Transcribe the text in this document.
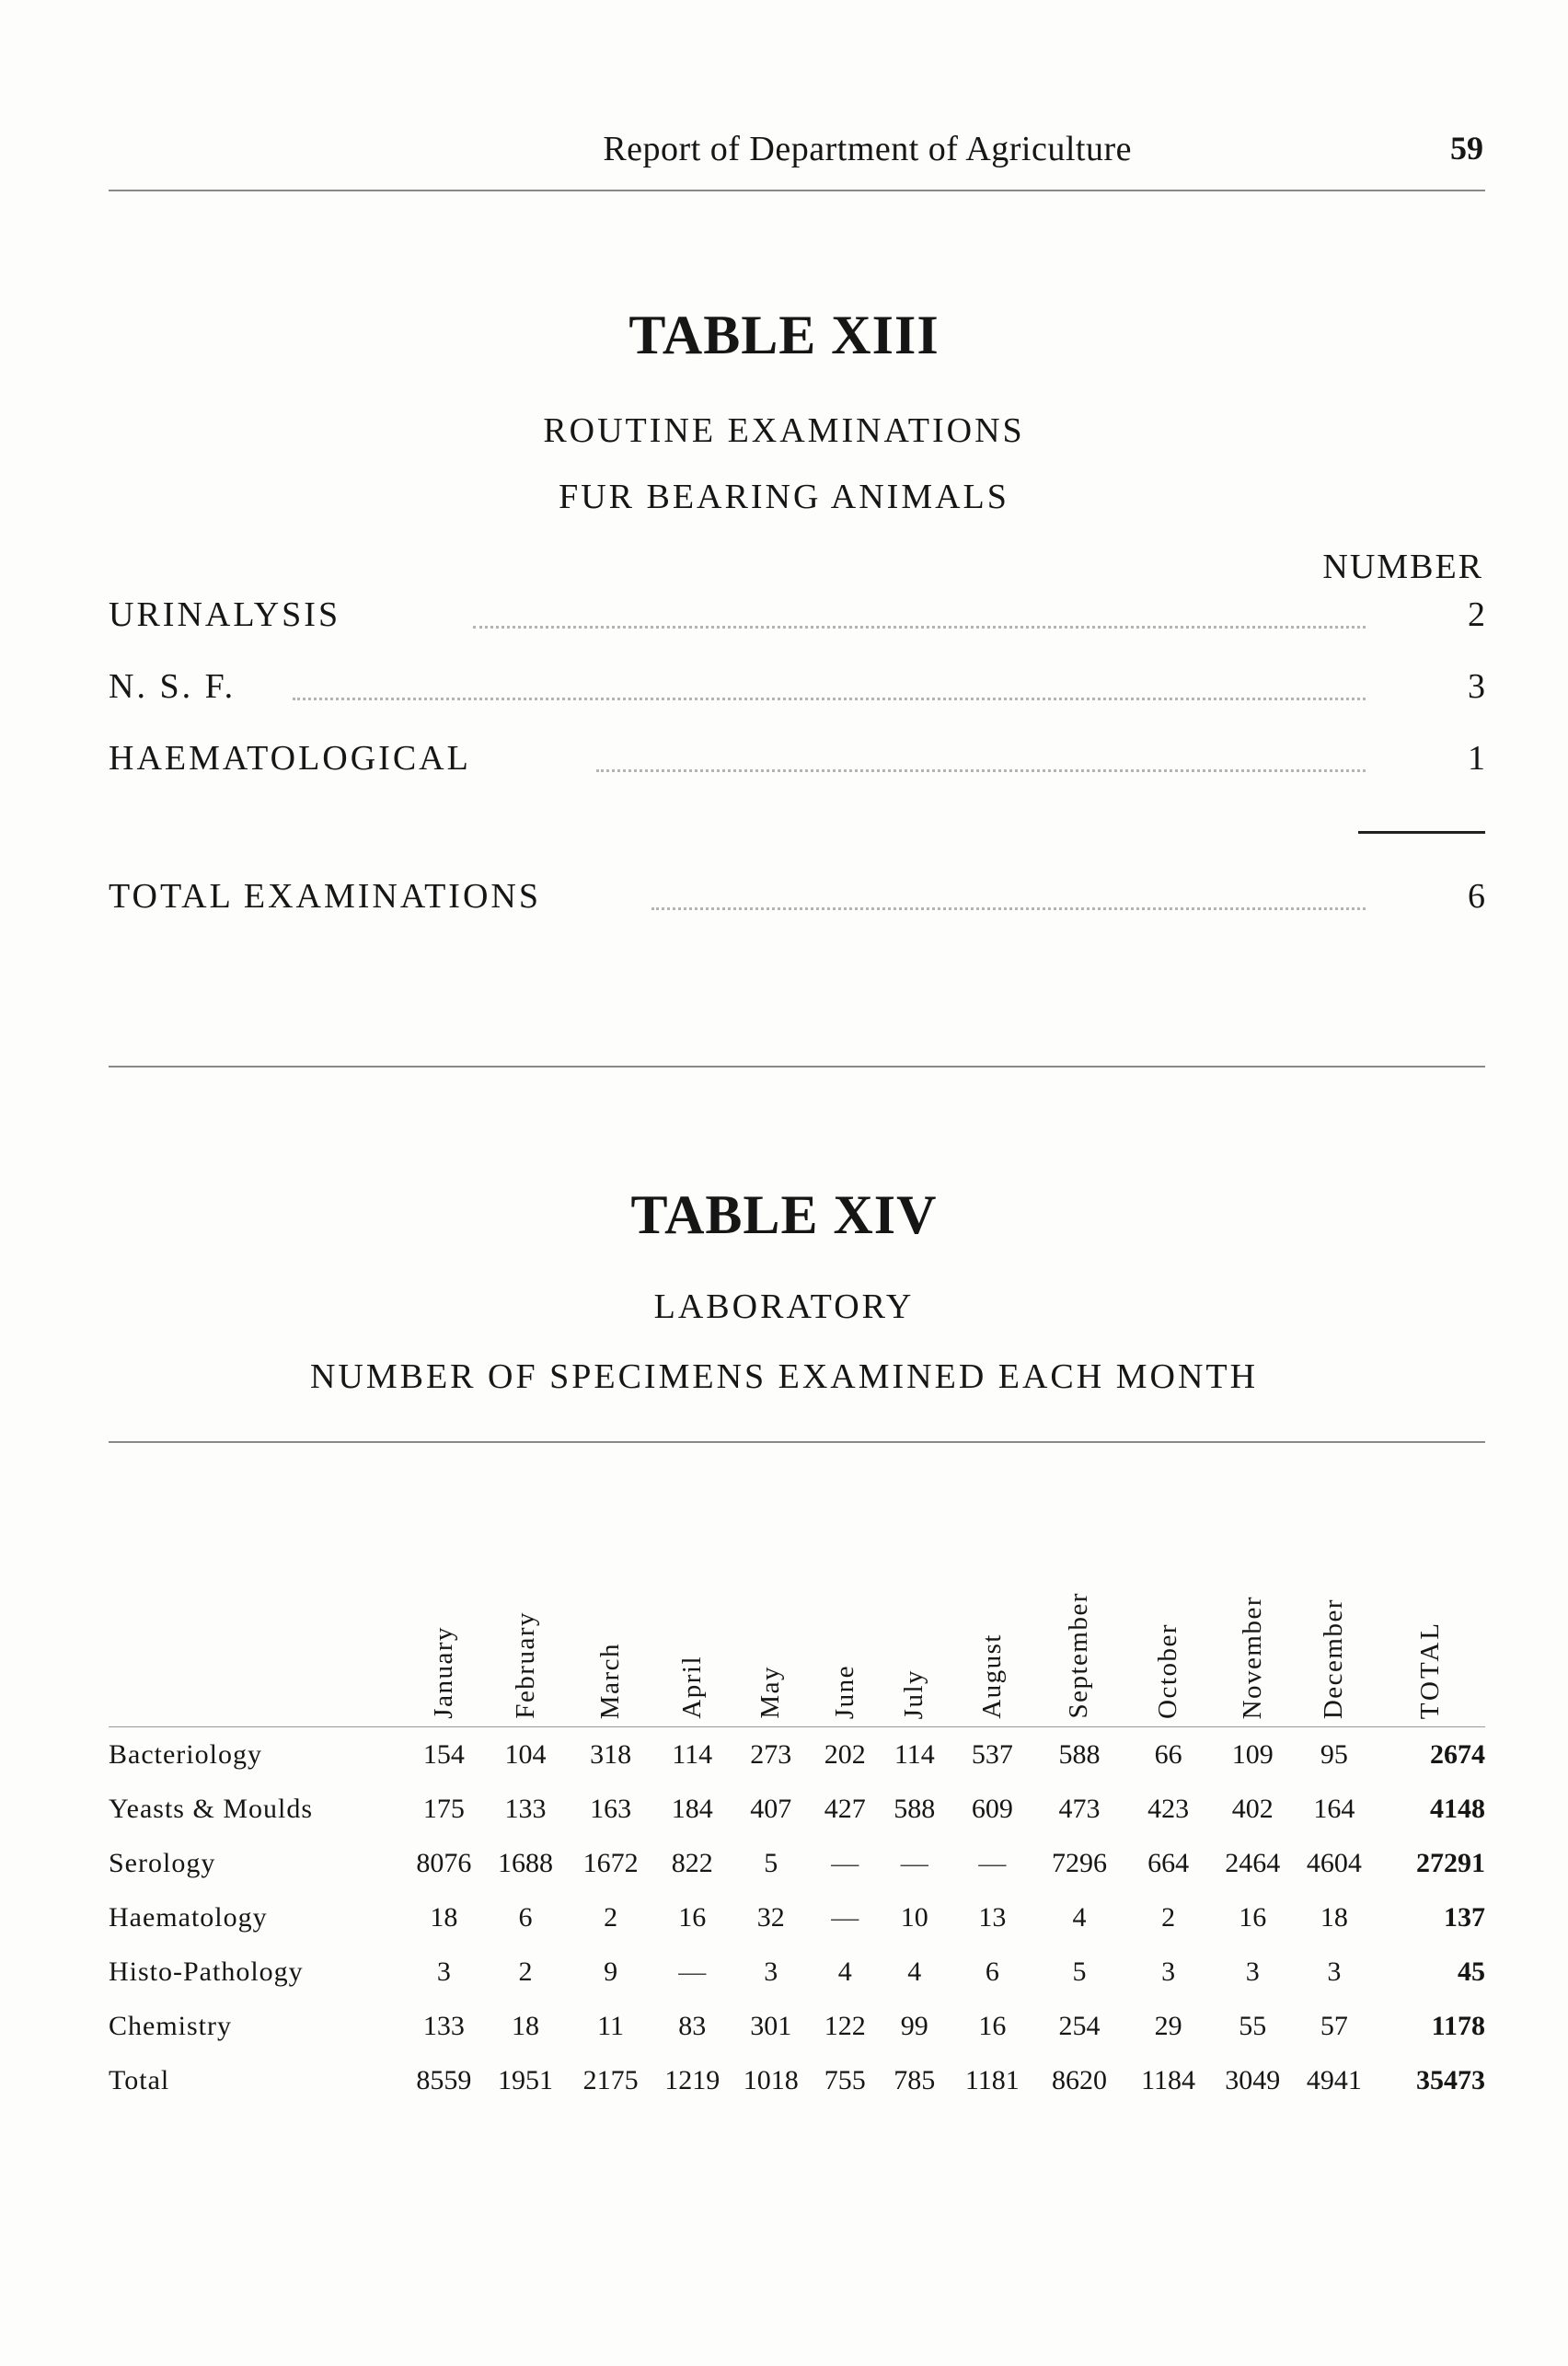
Report of Department of Agriculture	59
TABLE XIII
ROUTINE EXAMINATIONS
FUR BEARING ANIMALS
NUMBER
URINALYSIS	2
N. S. F.	3
HAEMATOLOGICAL	1
TOTAL EXAMINATIONS	6
TABLE XIV
LABORATORY
NUMBER OF SPECIMENS EXAMINED EACH MONTH
	January	February	March	April	May	June	July	August	September	October	November	December	TOTAL
Bacteriology	154	104	318	114	273	202	114	537	588	66	109	95	2674
Yeasts & Moulds	175	133	163	184	407	427	588	609	473	423	402	164	4148
Serology	8076	1688	1672	822	5	—	—	—	7296	664	2464	4604	27291
Haematology	18	6	2	16	32	—	10	13	4	2	16	18	137
Histo-Pathology	3	2	9	—	3	4	4	6	5	3	3	3	45
Chemistry	133	18	11	83	301	122	99	16	254	29	55	57	1178
Total	8559	1951	2175	1219	1018	755	785	1181	8620	1184	3049	4941	35473
